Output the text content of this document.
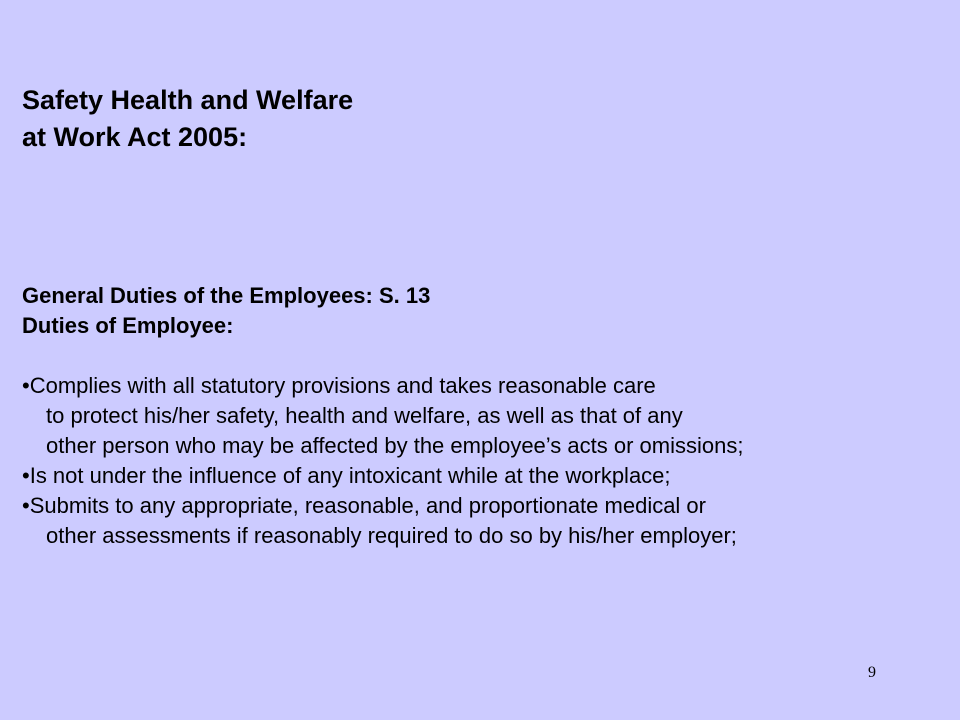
Safety Health and Welfare
at Work Act 2005:
General Duties of the Employees: S. 13
Duties of Employee:
•Complies with all statutory provisions and takes reasonable care
to protect his/her safety, health and welfare, as well as that of any
other person who may be affected by the employee’s acts or omissions;
•Is not under the influence of any intoxicant while at the workplace;
•Submits to any appropriate, reasonable, and proportionate medical or
other assessments if reasonably required to do so by his/her employer;
9
